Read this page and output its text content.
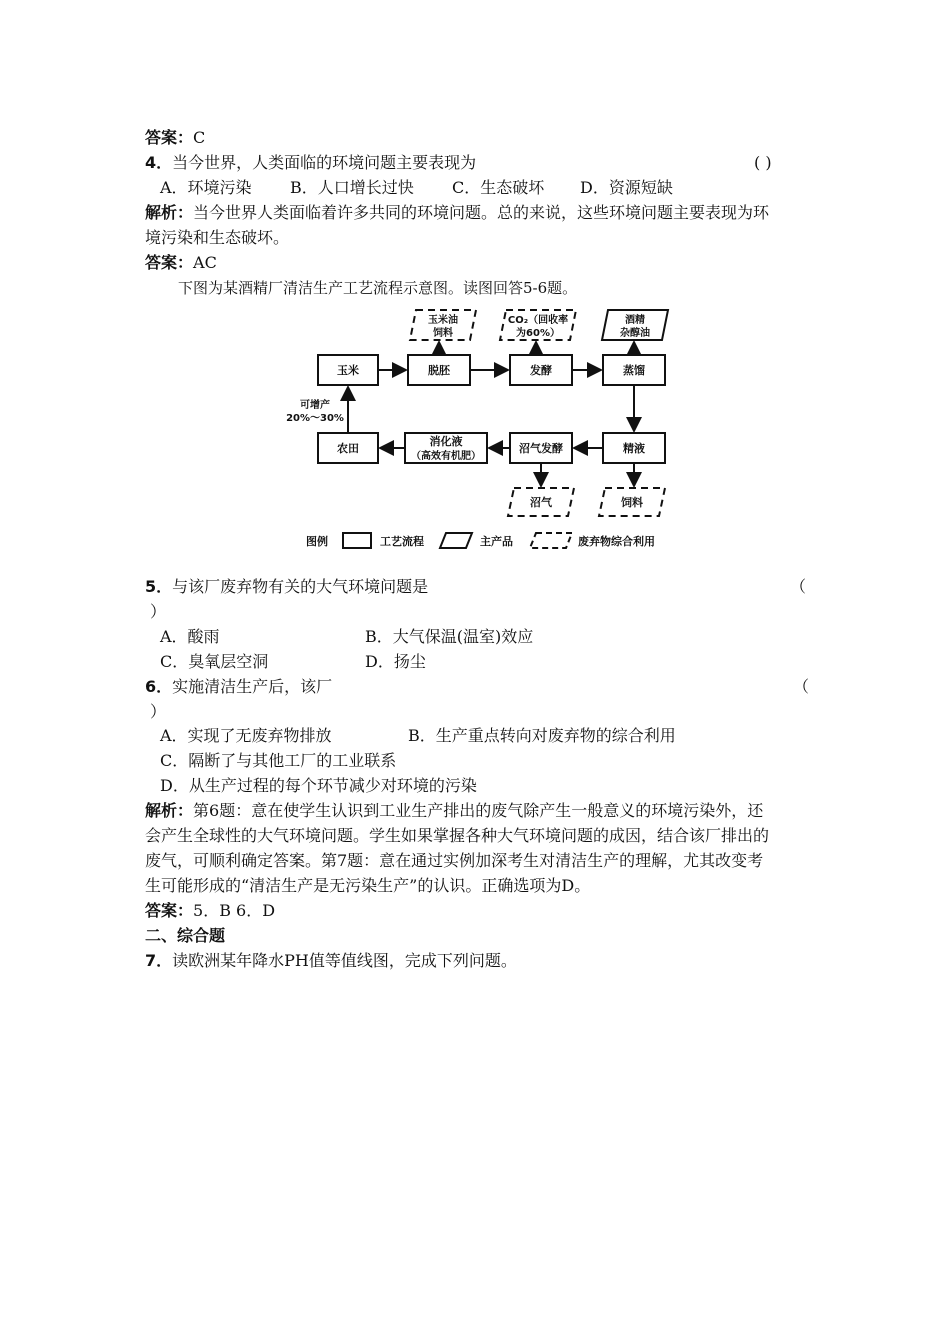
答案：C
4．当今世界，人类面临的环境问题主要表现为	( )
A．环境污染 B．人口增长过快 C．生态破坏 D．资源短缺
解析：当今世界人类面临着许多共同的环境问题。总的来说，这些环境问题主要表现为环
境污染和生态破坏。
答案：AC
下图为某酒精厂清洁生产工艺流程示意图。读图回答5-6题。
玉米	脱胚	发酵	蒸馏
农田
消化液
（高效有机肥）
沼气发酵	精液
玉米油
饲料
CO₂（回收率
为60%）
酒精
杂醇油
沼气	饲料
可增产
20%～30%
图例	工艺流程	主产品	废弃物综合利用
5．与该厂废弃物有关的大气环境问题是	（
）
A．酸雨	B．大气保温(温室)效应
C．臭氧层空洞	D．扬尘
6．实施清洁生产后，该厂	（
）
A．实现了无废弃物排放	B．生产重点转向对废弃物的综合利用
C．隔断了与其他工厂的工业联系
D．从生产过程的每个环节减少对环境的污染
解析：第6题：意在使学生认识到工业生产排出的废气除产生一般意义的环境污染外，还
会产生全球性的大气环境问题。学生如果掌握各种大气环境问题的成因，结合该厂排出的
废气，可顺利确定答案。第7题：意在通过实例加深考生对清洁生产的理解，尤其改变考
生可能形成的“清洁生产是无污染生产”的认识。正确选项为D。
答案：5．B 6．D
二、综合题
7．读欧洲某年降水PH值等值线图，完成下列问题。
